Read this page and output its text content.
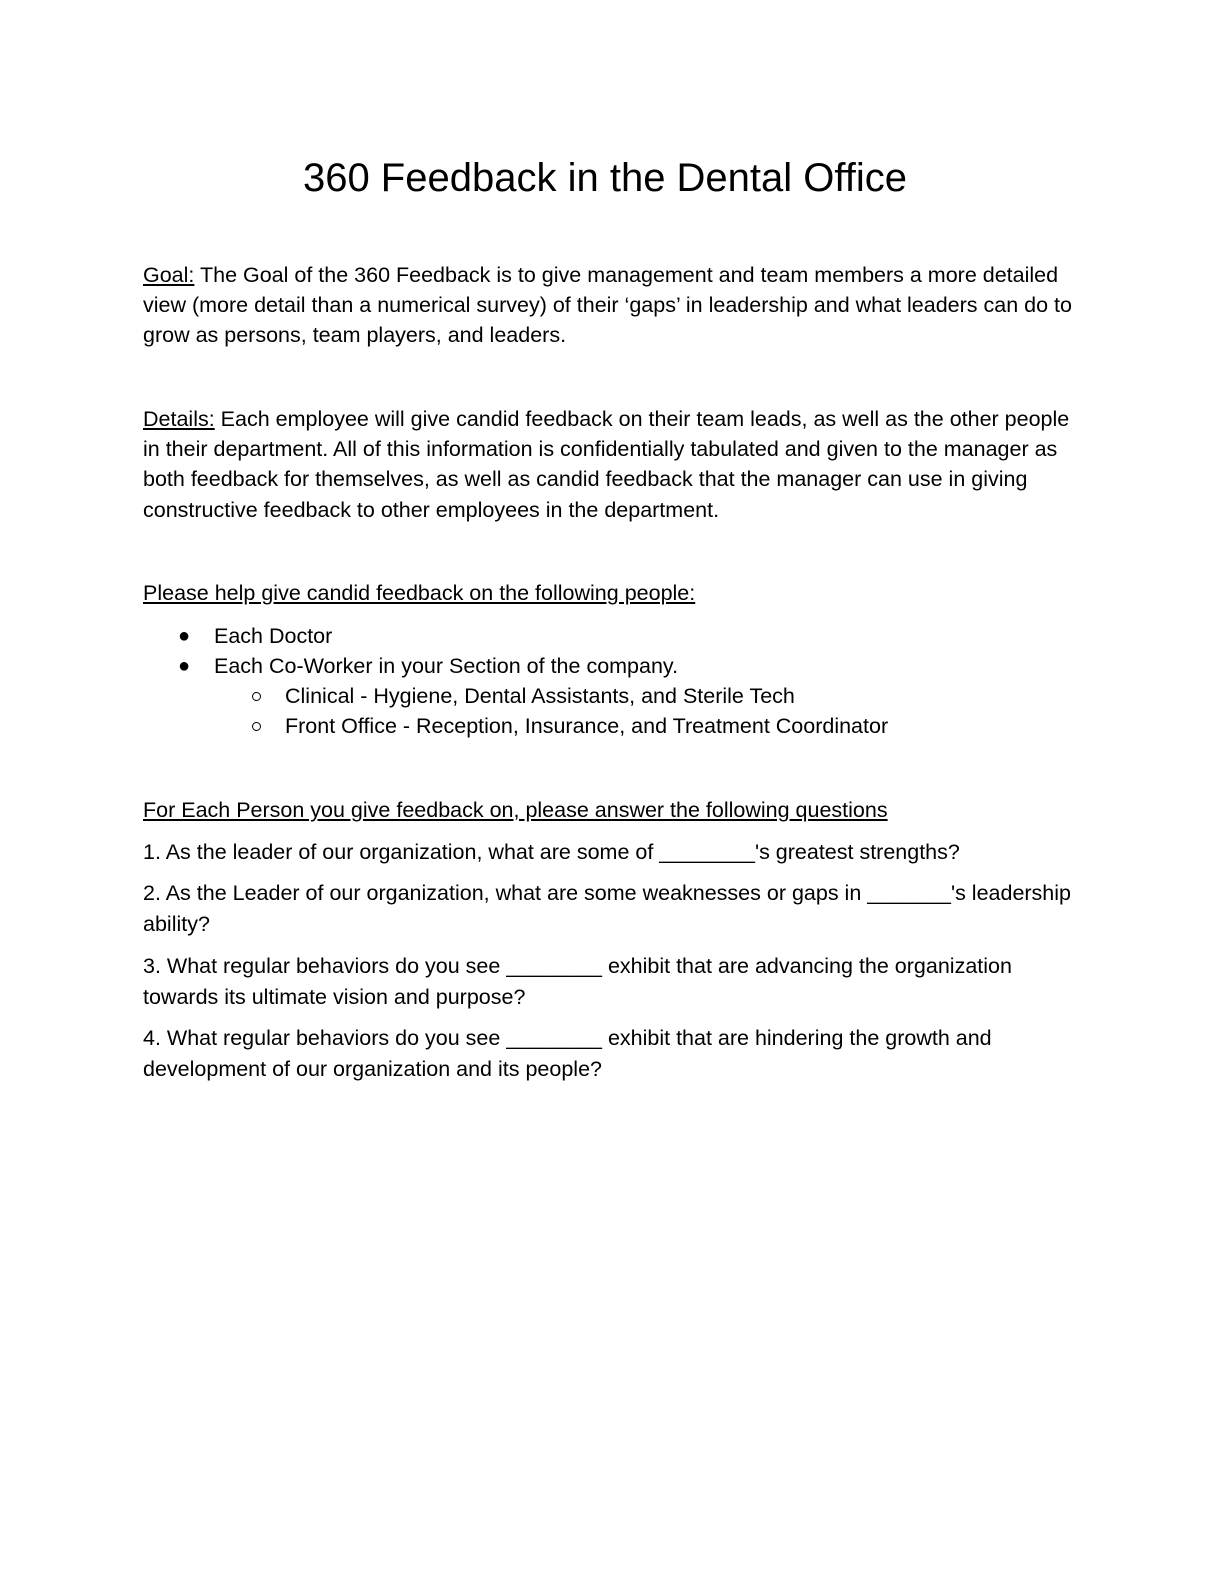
360 Feedback in the Dental Office

Goal: The Goal of the 360 Feedback is to give management and team members a more detailed view (more detail than a numerical survey) of their ‘gaps’ in leadership and what leaders can do to grow as persons, team players, and leaders.

Details: Each employee will give candid feedback on their team leads, as well as the other people in their department. All of this information is confidentially tabulated and given to the manager as both feedback for themselves, as well as candid feedback that the manager can use in giving constructive feedback to other employees in the department.

Please help give candid feedback on the following people:

● Each Doctor
● Each Co-Worker in your Section of the company.
Clinical - Hygiene, Dental Assistants, and Sterile Tech
Front Office - Reception, Insurance, and Treatment Coordinator

For Each Person you give feedback on, please answer the following questions

1. As the leader of our organization, what are some of ________'s greatest strengths?

2. As the Leader of our organization, what are some weaknesses or gaps in _______'s leadership ability?

3. What regular behaviors do you see ________ exhibit that are advancing the organization towards its ultimate vision and purpose?

4. What regular behaviors do you see ________ exhibit that are hindering the growth and development of our organization and its people?
